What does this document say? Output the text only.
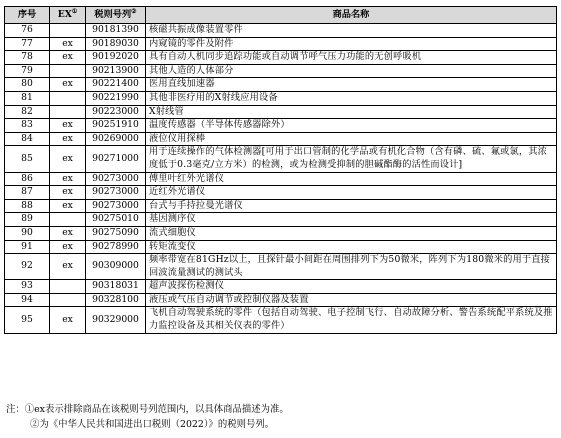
序号	EX①	税则号列②	商品名称
76		90181390	核磁共振成像装置零件
77	ex	90189030	内窥镜的零件及附件
78	ex	90192020	具有自动人机同步追踪功能或自动调节呼气压力功能的无创呼吸机
79		90213900	其他人造的人体部分
80	ex	90221400	医用直线加速器
81		90221990	其他非医疗用的X射线应用设备
82		90223000	X射线管
83	ex	90251910	温度传感器（半导体传感器除外）
84	ex	90269000	液位仪用探棒
85	ex	90271000	用于连续操作的气体检测器[可用于出口管制的化学品或有机化合物（含有磷、硫、氟或氯，其浓度低于0.3毫克/立方米）的检测，或为检测受抑制的胆碱酯酶的活性而设计]
86	ex	90273000	傅里叶红外光谱仪
87	ex	90273000	近红外光谱仪
88	ex	90273000	台式与手持拉曼光谱仪
89		90275010	基因测序仪
90	ex	90275090	流式细胞仪
91	ex	90278990	转矩流变仪
92	ex	90309000	频率带宽在81GHz以上，且探针最小间距在周围排列下为50微米，阵列下为180微米的用于直接回波流量测试的测试头
93		90318031	超声波探伤检测仪
94		90328100	液压或气压自动调节或控制仪器及装置
95	ex	90329000	飞机自动驾驶系统的零件（包括自动驾驶、电子控制飞行、自动故障分析、警告系统配平系统及推力监控设备及其相关仪表的零件）
注：①ex表示排除商品在该税则号列范围内，以具体商品描述为准。
②为《中华人民共和国进出口税则（2022）》的税则号列。
